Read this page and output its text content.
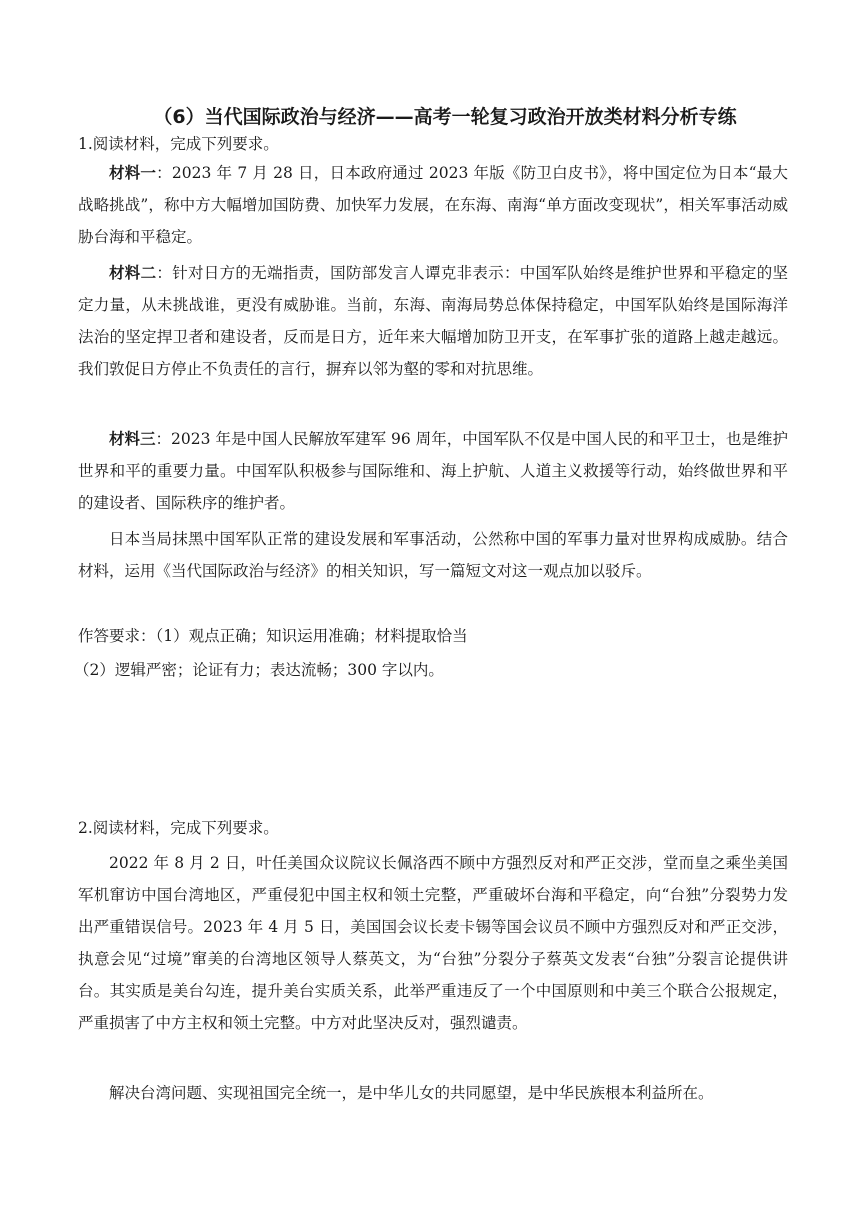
（6）当代国际政治与经济——高考一轮复习政治开放类材料分析专练
1.阅读材料，完成下列要求。
材料一：2023 年 7 月 28 日，日本政府通过 2023 年版《防卫白皮书》，将中国定位为日本“最大战略挑战”，称中方大幅增加国防费、加快军力发展，在东海、南海“单方面改变现状”，相关军事活动威胁台海和平稳定。
材料二：针对日方的无端指责，国防部发言人谭克非表示：中国军队始终是维护世界和平稳定的坚定力量，从未挑战谁，更没有威胁谁。当前，东海、南海局势总体保持稳定，中国军队始终是国际海洋法治的坚定捍卫者和建设者，反而是日方，近年来大幅增加防卫开支，在军事扩张的道路上越走越远。我们敦促日方停止不负责任的言行，摒弃以邻为壑的零和对抗思维。
材料三：2023 年是中国人民解放军建军 96 周年，中国军队不仅是中国人民的和平卫士，也是维护世界和平的重要力量。中国军队积极参与国际维和、海上护航、人道主义救援等行动，始终做世界和平的建设者、国际秩序的维护者。
日本当局抹黑中国军队正常的建设发展和军事活动，公然称中国的军事力量对世界构成威胁。结合材料，运用《当代国际政治与经济》的相关知识，写一篇短文对这一观点加以驳斥。
作答要求：（1）观点正确；知识运用准确；材料提取恰当
（2）逻辑严密；论证有力；表达流畅；300 字以内。
2.阅读材料，完成下列要求。
2022 年 8 月 2 日，叶任美国众议院议长佩洛西不顾中方强烈反对和严正交涉，堂而皇之乘坐美国军机窜访中国台湾地区，严重侵犯中国主权和领土完整，严重破坏台海和平稳定，向“台独”分裂势力发出严重错误信号。2023 年 4 月 5 日，美国国会议长麦卡锡等国会议员不顾中方强烈反对和严正交涉，执意会见“过境”窜美的台湾地区领导人蔡英文，为“台独”分裂分子蔡英文发表“台独”分裂言论提供讲台。其实质是美台勾连，提升美台实质关系，此举严重违反了一个中国原则和中美三个联合公报规定，严重损害了中方主权和领土完整。中方对此坚决反对，强烈谴责。
解决台湾问题、实现祖国完全统一，是中华儿女的共同愿望，是中华民族根本利益所在。
